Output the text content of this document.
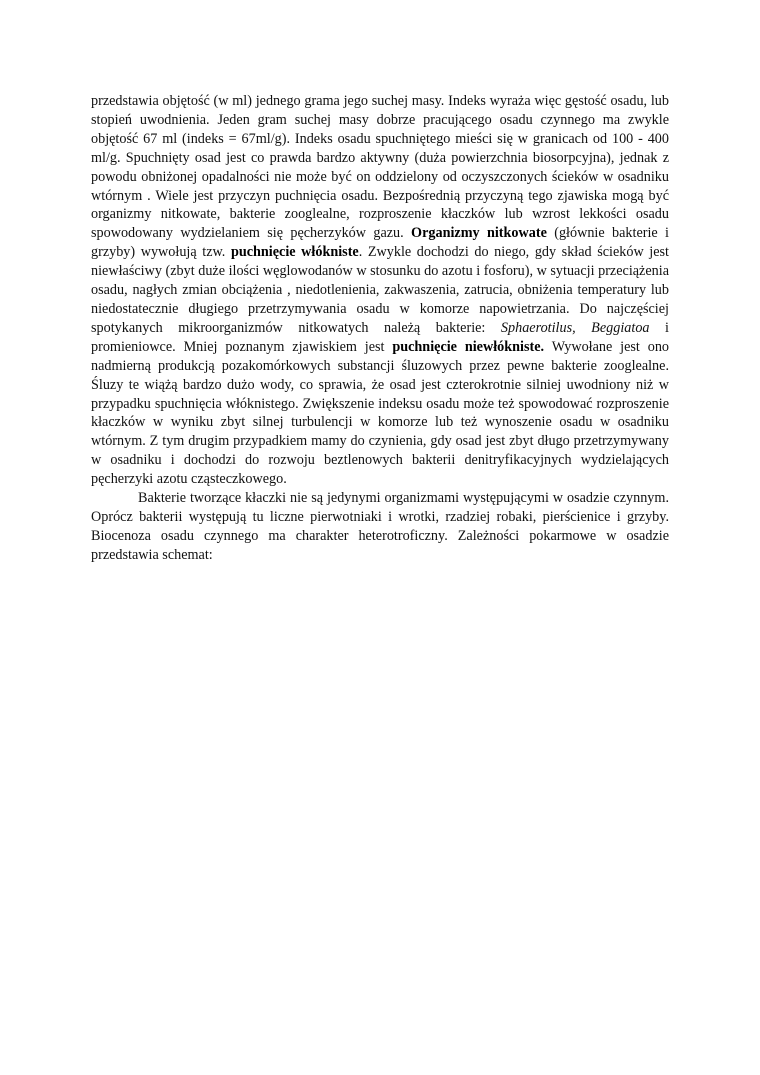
przedstawia objętość (w ml) jednego grama jego suchej masy. Indeks wyraża więc gęstość osadu, lub stopień uwodnienia. Jeden gram suchej masy dobrze pracującego osadu czynnego ma zwykle objętość 67 ml (indeks = 67ml/g). Indeks osadu spuchniętego mieści się w granicach od 100 - 400 ml/g. Spuchnięty osad jest co prawda bardzo aktywny (duża powierzchnia biosorpcyjna), jednak z powodu obniżonej opadalności nie może być on oddzielony od oczyszczonych ścieków w osadniku wtórnym . Wiele jest przyczyn puchnięcia osadu. Bezpośrednią przyczyną tego zjawiska mogą być organizmy nitkowate, bakterie zooglealne, rozproszenie kłaczków lub wzrost lekkości osadu spowodowany wydzielaniem się pęcherzyków gazu. Organizmy nitkowate (głównie bakterie i grzyby) wywołują tzw. puchnięcie włókniste. Zwykle dochodzi do niego, gdy skład ścieków jest niewłaściwy (zbyt duże ilości węglowodanów w stosunku do azotu i fosforu), w sytuacji przeciążenia osadu, nagłych zmian obciążenia , niedotlenienia, zakwaszenia, zatrucia, obniżenia temperatury lub niedostatecznie długiego przetrzymywania osadu w komorze napowietrzania. Do najczęściej spotykanych mikroorganizmów nitkowatych należą bakterie: Sphaerotilus, Beggiatoa i promieniowce. Mniej poznanym zjawiskiem jest puchnięcie niewłókniste. Wywołane jest ono nadmierną produkcją pozakomórkowych substancji śluzowych przez pewne bakterie zooglealne. Śluzy te wiążą bardzo dużo wody, co sprawia, że osad jest czterokrotnie silniej uwodniony niż w przypadku spuchnięcia włóknistego. Zwiększenie indeksu osadu może też spowodować rozproszenie kłaczków w wyniku zbyt silnej turbulencji w komorze lub też wynoszenie osadu w osadniku wtórnym. Z tym drugim przypadkiem mamy do czynienia, gdy osad jest zbyt długo przetrzymywany w osadniku i dochodzi do rozwoju beztlenowych bakterii denitryfikacyjnych wydzielających pęcherzyki azotu cząsteczkowego.

Bakterie tworzące kłaczki nie są jedynymi organizmami występującymi w osadzie czynnym. Oprócz bakterii występują tu liczne pierwotniaki i wrotki, rzadziej robaki, pierścienice i grzyby. Biocenoza osadu czynnego ma charakter heterotroficzny. Zależności pokarmowe w osadzie przedstawia schemat:
